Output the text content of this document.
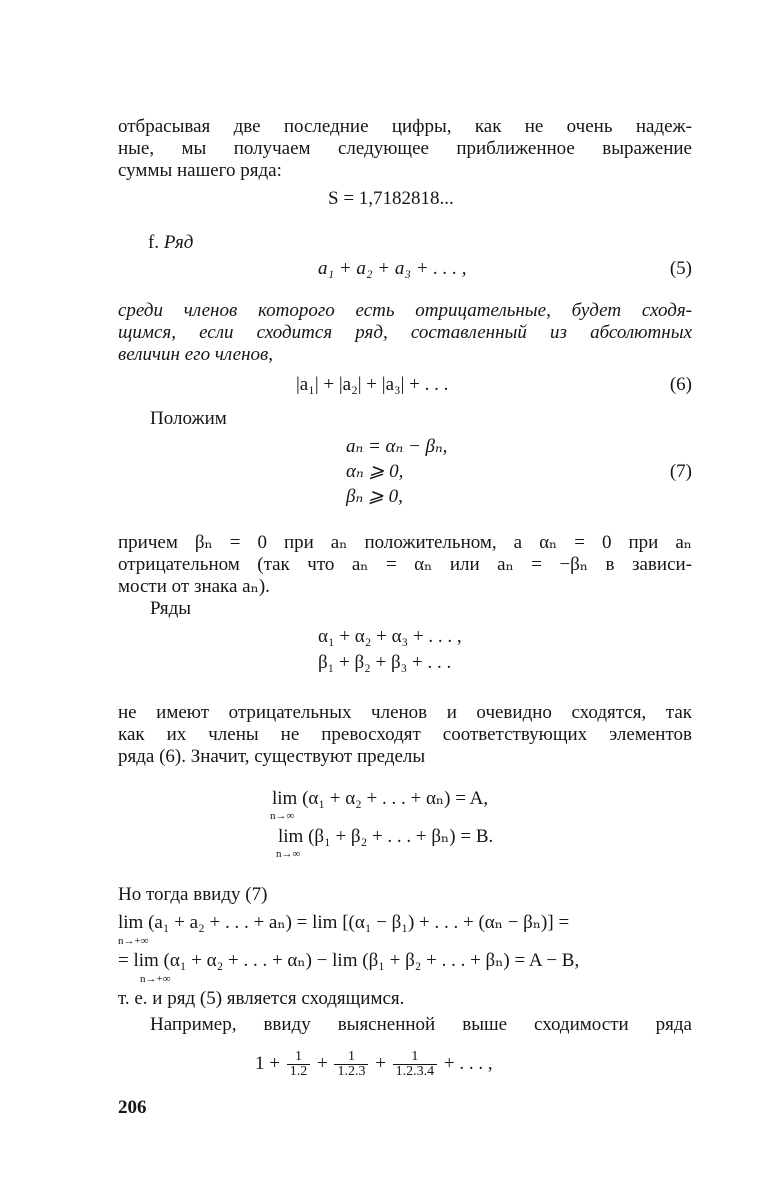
отбрасывая две последние цифры, как не очень надеж-
ные, мы получаем следующее приближенное выражение
суммы нашего ряда:
S = 1,7182818...
f. Ряд
a₁ + a₂ + a₃ + . . . ,	(5)
среди членов которого есть отрицательные, будет сходя-
щимся, если сходится ряд, составленный из абсолютных
величин его членов,
|a₁| + |a₂| + |a₃| + . . .	(6)
Положим
aₙ = αₙ − βₙ,
αₙ ⩾ 0,
βₙ ⩾ 0,
(7)
причем βₙ = 0 при aₙ положительном, а αₙ = 0 при aₙ
отрицательном (так что aₙ = αₙ или aₙ = −βₙ в зависи-
мости от знака aₙ).
Ряды
α₁ + α₂ + α₃ + . . . ,
β₁ + β₂ + β₃ + . . .
не имеют отрицательных членов и очевидно сходятся, так
как их члены не превосходят соответствующих элементов
ряда (6). Значит, существуют пределы
lim (α₁ + α₂ + . . . + αₙ) = A,
n→∞
lim (β₁ + β₂ + . . . + βₙ) = B.
n→∞
Но тогда ввиду (7)
lim (a₁ + a₂ + . . . + aₙ) = lim [(α₁ − β₁) + . . . + (αₙ − βₙ)] =
n→+∞
= lim (α₁ + α₂ + . . . + αₙ) − lim (β₁ + β₂ + . . . + βₙ) = A − B,
n→+∞
т. е. и ряд (5) является сходящимся.
Например, ввиду выясненной выше сходимости ряда
$1 + \frac{1}{1.2} + \frac{1}{1.2.3} + \frac{1}{1.2.3.4}$ + . . . ,
206
